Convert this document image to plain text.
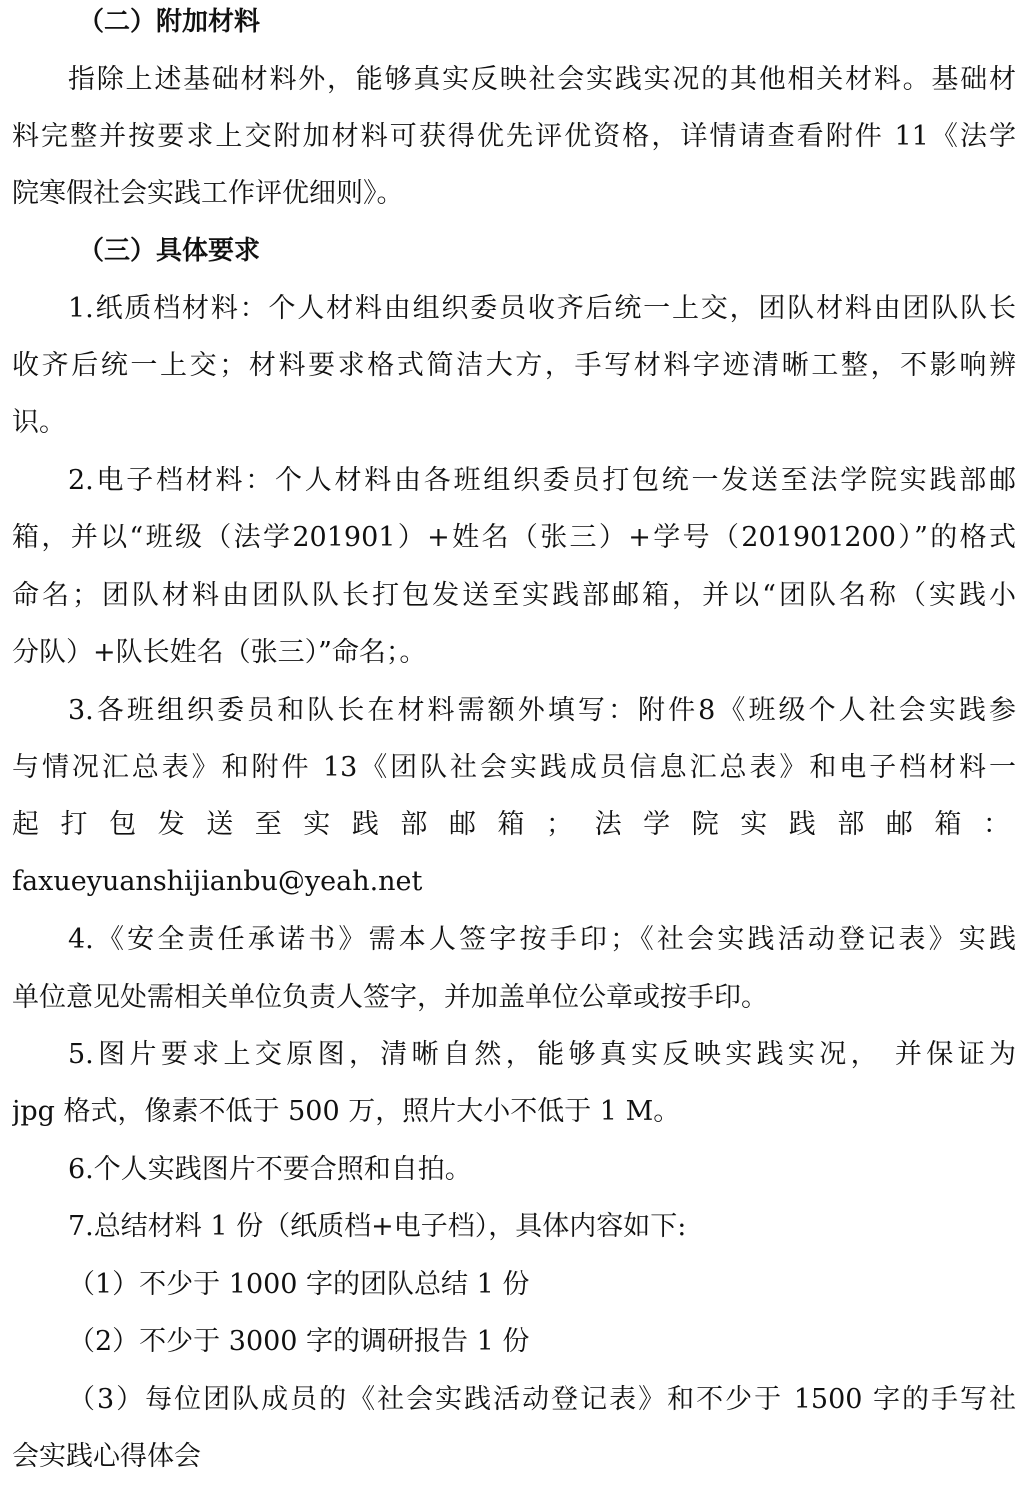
（二）附加材料
指除上述基础材料外，能够真实反映社会实践实况的其他相关材料。基础材
料完整并按要求上交附加材料可获得优先评优资格，详情请查看附件 11《法学
院寒假社会实践工作评优细则》。
（三）具体要求
1.纸质档材料：个人材料由组织委员收齐后统一上交，团队材料由团队队长
收齐后统一上交；材料要求格式简洁大方，手写材料字迹清晰工整，不影响辨
识。
2.电子档材料：个人材料由各班组织委员打包统一发送至法学院实践部邮
箱，并以“班级（法学201901）+姓名（张三）+学号（201901200）”的格式
命名；团队材料由团队队长打包发送至实践部邮箱，并以“团队名称（实践小
分队）+队长姓名（张三）”命名；。
3.各班组织委员和队长在材料需额外填写：附件8《班级个人社会实践参
与情况汇总表》和附件 13《团队社会实践成员信息汇总表》和电子档材料一
起打包发送至实践部邮箱；法学院实践部邮箱：
faxueyuanshijianbu@yeah.net
4.《安全责任承诺书》需本人签字按手印；《社会实践活动登记表》实践
单位意见处需相关单位负责人签字，并加盖单位公章或按手印。
5.图片要求上交原图，清晰自然，能够真实反映实践实况， 并保证为
jpg 格式，像素不低于 500 万，照片大小不低于 1 M。
6.个人实践图片不要合照和自拍。
7.总结材料 1 份（纸质档+电子档），具体内容如下:
（1）不少于 1000 字的团队总结 1 份
（2）不少于 3000 字的调研报告 1 份
（3）每位团队成员的《社会实践活动登记表》和不少于 1500 字的手写社
会实践心得体会
